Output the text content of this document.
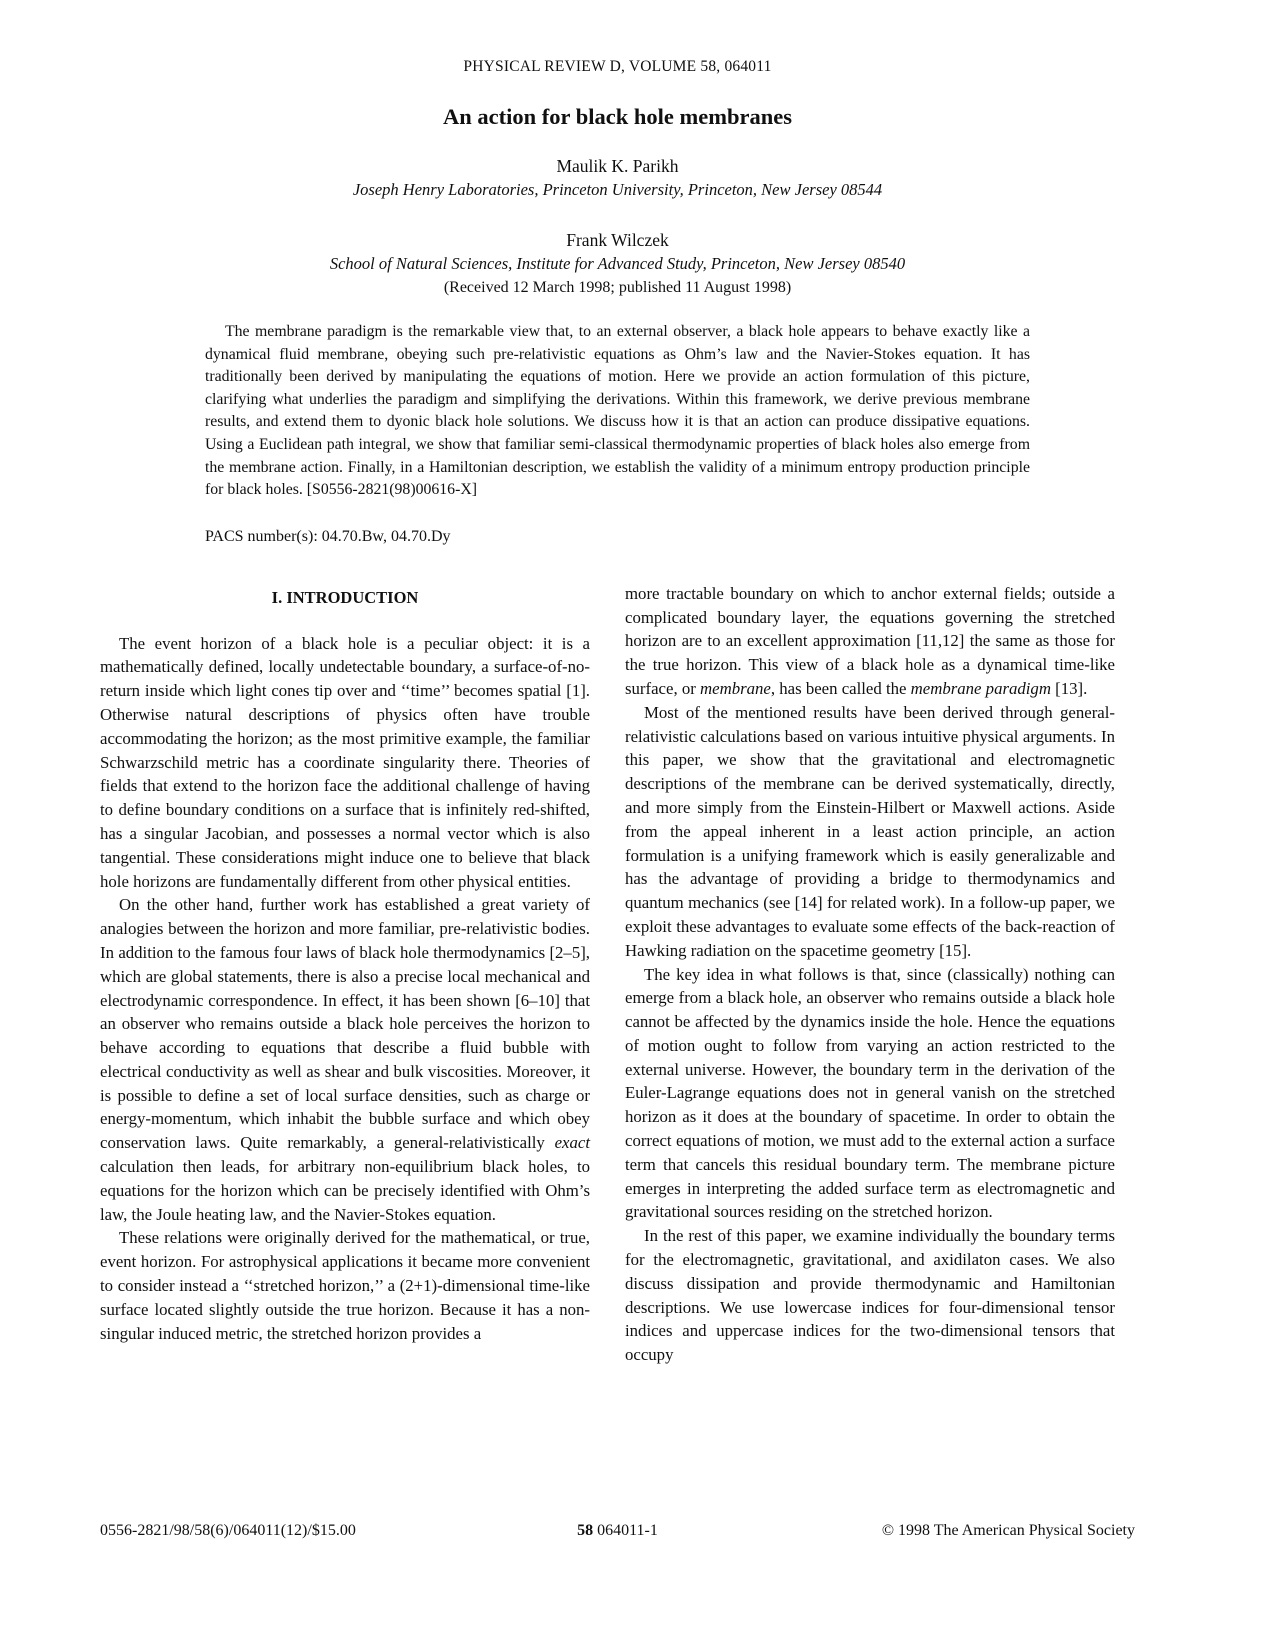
PHYSICAL REVIEW D, VOLUME 58, 064011
An action for black hole membranes
Maulik K. Parikh
Joseph Henry Laboratories, Princeton University, Princeton, New Jersey 08544
Frank Wilczek
School of Natural Sciences, Institute for Advanced Study, Princeton, New Jersey 08540
(Received 12 March 1998; published 11 August 1998)
The membrane paradigm is the remarkable view that, to an external observer, a black hole appears to behave exactly like a dynamical fluid membrane, obeying such pre-relativistic equations as Ohm’s law and the Navier-Stokes equation. It has traditionally been derived by manipulating the equations of motion. Here we provide an action formulation of this picture, clarifying what underlies the paradigm and simplifying the derivations. Within this framework, we derive previous membrane results, and extend them to dyonic black hole solutions. We discuss how it is that an action can produce dissipative equations. Using a Euclidean path integral, we show that familiar semi-classical thermodynamic properties of black holes also emerge from the membrane action. Finally, in a Hamiltonian description, we establish the validity of a minimum entropy production principle for black holes. [S0556-2821(98)00616-X]
PACS number(s): 04.70.Bw, 04.70.Dy
I. INTRODUCTION

The event horizon of a black hole is a peculiar object: it is a mathematically defined, locally undetectable boundary, a surface-of-no-return inside which light cones tip over and ‘‘time’’ becomes spatial [1]. Otherwise natural descriptions of physics often have trouble accommodating the horizon; as the most primitive example, the familiar Schwarzschild metric has a coordinate singularity there. Theories of fields that extend to the horizon face the additional challenge of having to define boundary conditions on a surface that is infinitely red-shifted, has a singular Jacobian, and possesses a normal vector which is also tangential. These considerations might induce one to believe that black hole horizons are fundamentally different from other physical entities.

On the other hand, further work has established a great variety of analogies between the horizon and more familiar, pre-relativistic bodies. In addition to the famous four laws of black hole thermodynamics [2–5], which are global statements, there is also a precise local mechanical and electrodynamic correspondence. In effect, it has been shown [6–10] that an observer who remains outside a black hole perceives the horizon to behave according to equations that describe a fluid bubble with electrical conductivity as well as shear and bulk viscosities. Moreover, it is possible to define a set of local surface densities, such as charge or energy-momentum, which inhabit the bubble surface and which obey conservation laws. Quite remarkably, a general-relativistically exact calculation then leads, for arbitrary non-equilibrium black holes, to equations for the horizon which can be precisely identified with Ohm’s law, the Joule heating law, and the Navier-Stokes equation.

These relations were originally derived for the mathematical, or true, event horizon. For astrophysical applications it became more convenient to consider instead a ‘‘stretched horizon,’’ a (2+1)-dimensional time-like surface located slightly outside the true horizon. Because it has a non-singular induced metric, the stretched horizon provides a

more tractable boundary on which to anchor external fields; outside a complicated boundary layer, the equations governing the stretched horizon are to an excellent approximation [11,12] the same as those for the true horizon. This view of a black hole as a dynamical time-like surface, or membrane, has been called the membrane paradigm [13].

Most of the mentioned results have been derived through general-relativistic calculations based on various intuitive physical arguments. In this paper, we show that the gravitational and electromagnetic descriptions of the membrane can be derived systematically, directly, and more simply from the Einstein-Hilbert or Maxwell actions. Aside from the appeal inherent in a least action principle, an action formulation is a unifying framework which is easily generalizable and has the advantage of providing a bridge to thermodynamics and quantum mechanics (see [14] for related work). In a follow-up paper, we exploit these advantages to evaluate some effects of the back-reaction of Hawking radiation on the spacetime geometry [15].

The key idea in what follows is that, since (classically) nothing can emerge from a black hole, an observer who remains outside a black hole cannot be affected by the dynamics inside the hole. Hence the equations of motion ought to follow from varying an action restricted to the external universe. However, the boundary term in the derivation of the Euler-Lagrange equations does not in general vanish on the stretched horizon as it does at the boundary of spacetime. In order to obtain the correct equations of motion, we must add to the external action a surface term that cancels this residual boundary term. The membrane picture emerges in interpreting the added surface term as electromagnetic and gravitational sources residing on the stretched horizon.

In the rest of this paper, we examine individually the boundary terms for the electromagnetic, gravitational, and axidilaton cases. We also discuss dissipation and provide thermodynamic and Hamiltonian descriptions. We use lowercase indices for four-dimensional tensor indices and uppercase indices for the two-dimensional tensors that occupy

0556-2821/98/58(6)/064011(12)/$15.00	58 064011-1	© 1998 The American Physical Society
